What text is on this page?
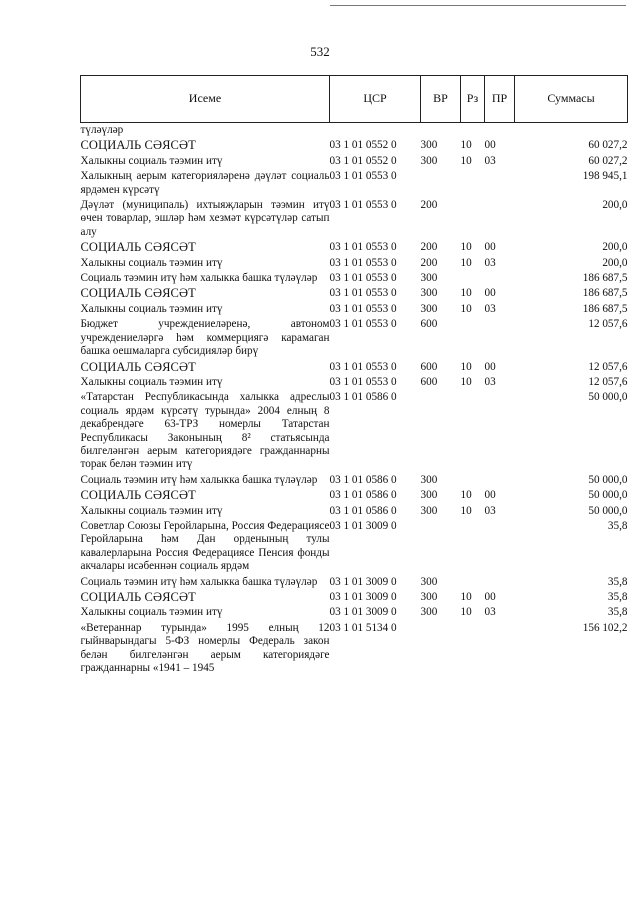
532
Исеме	ЦСР	ВР	Рз	ПР	Суммасы
түләүләр					
СОЦИАЛЬ СӘЯСӘТ	03 1 01 0552 0	300	10	00	60 027,2
Халыкны социаль тәэмин итү	03 1 01 0552 0	300	10	03	60 027,2
Халыкның аерым категорияләренә дәүләт социаль ярдәмен күрсәтү	03 1 01 0553 0				198 945,1
Дәүләт (муниципаль) ихтыяҗларын тәэмин итү өчен товарлар, эшләр һәм хезмәт күрсәтүләр сатып алу	03 1 01 0553 0	200			200,0
СОЦИАЛЬ СӘЯСӘТ	03 1 01 0553 0	200	10	00	200,0
Халыкны социаль тәэмин итү	03 1 01 0553 0	200	10	03	200,0
Социаль тәэмин итү һәм халыкка башка түләүләр	03 1 01 0553 0	300			186 687,5
СОЦИАЛЬ СӘЯСӘТ	03 1 01 0553 0	300	10	00	186 687,5
Халыкны социаль тәэмин итү	03 1 01 0553 0	300	10	03	186 687,5
Бюджет учреждениеләренә, автоном учреждениеләргә һәм коммерциягә карамаган башка оешмаларга субсидияләр бирү	03 1 01 0553 0	600			12 057,6
СОЦИАЛЬ СӘЯСӘТ	03 1 01 0553 0	600	10	00	12 057,6
Халыкны социаль тәэмин итү	03 1 01 0553 0	600	10	03	12 057,6
«Татарстан Республикасында халыкка адреслы социаль ярдәм күрсәтү турында» 2004 елның 8 декабрендәге 63-ТРЗ номерлы Татарстан Республикасы Законының 8² статьясында билгеләнгән аерым категориядәге гражданнарны торак белән тәэмин итү	03 1 01 0586 0				50 000,0
Социаль тәэмин итү һәм халыкка башка түләүләр	03 1 01 0586 0	300			50 000,0
СОЦИАЛЬ СӘЯСӘТ	03 1 01 0586 0	300	10	00	50 000,0
Халыкны социаль тәэмин итү	03 1 01 0586 0	300	10	03	50 000,0
Советлар Союзы Геройларына, Россия Федерациясе Геройларына һәм Дан орденының тулы кавалерларына Россия Федерациясе Пенсия фонды акчалары исәбеннән социаль ярдәм	03 1 01 3009 0				35,8
Социаль тәэмин итү һәм халыкка башка түләүләр	03 1 01 3009 0	300			35,8
СОЦИАЛЬ СӘЯСӘТ	03 1 01 3009 0	300	10	00	35,8
Халыкны социаль тәэмин итү	03 1 01 3009 0	300	10	03	35,8
«Ветераннар турында» 1995 елның 12 гыйнварындагы 5-ФЗ номерлы Федераль закон белән билгеләнгән аерым категориядәге гражданнарны «1941 – 1945	03 1 01 5134 0				156 102,2
